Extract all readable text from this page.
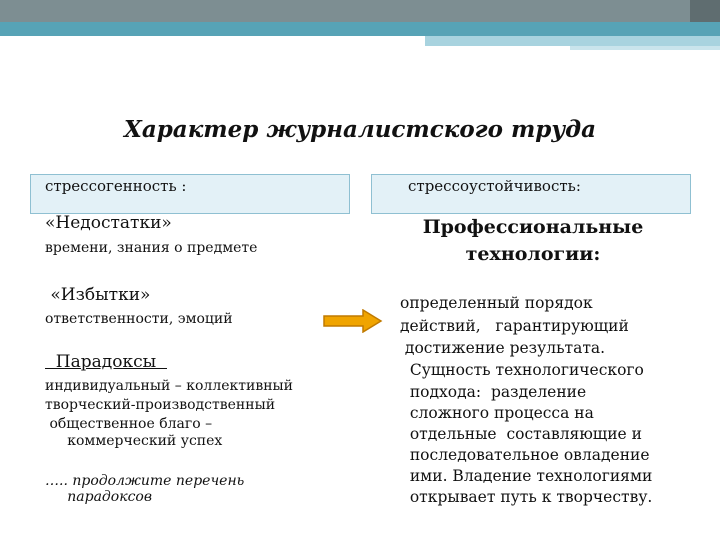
Характер журналистского труда
стрессогенность :	стрессоустойчивость:
«Недостатки»
времени, знания о предмете
«Избытки»
ответственности, эмоций
Парадоксы
индивидуальный – коллективный
творческий-производственный
общественное благо –
коммерческий успех
….. продолжите перечень
парадоксов
Профессиональные
технологии:
определенный порядок
действий,   гарантирующий
достижение результата.
Сущность технологического
подхода:  разделение
сложного процесса на
отдельные  составляющие и
последовательное овладение
ими. Владение технологиями
открывает путь к творчеству.
